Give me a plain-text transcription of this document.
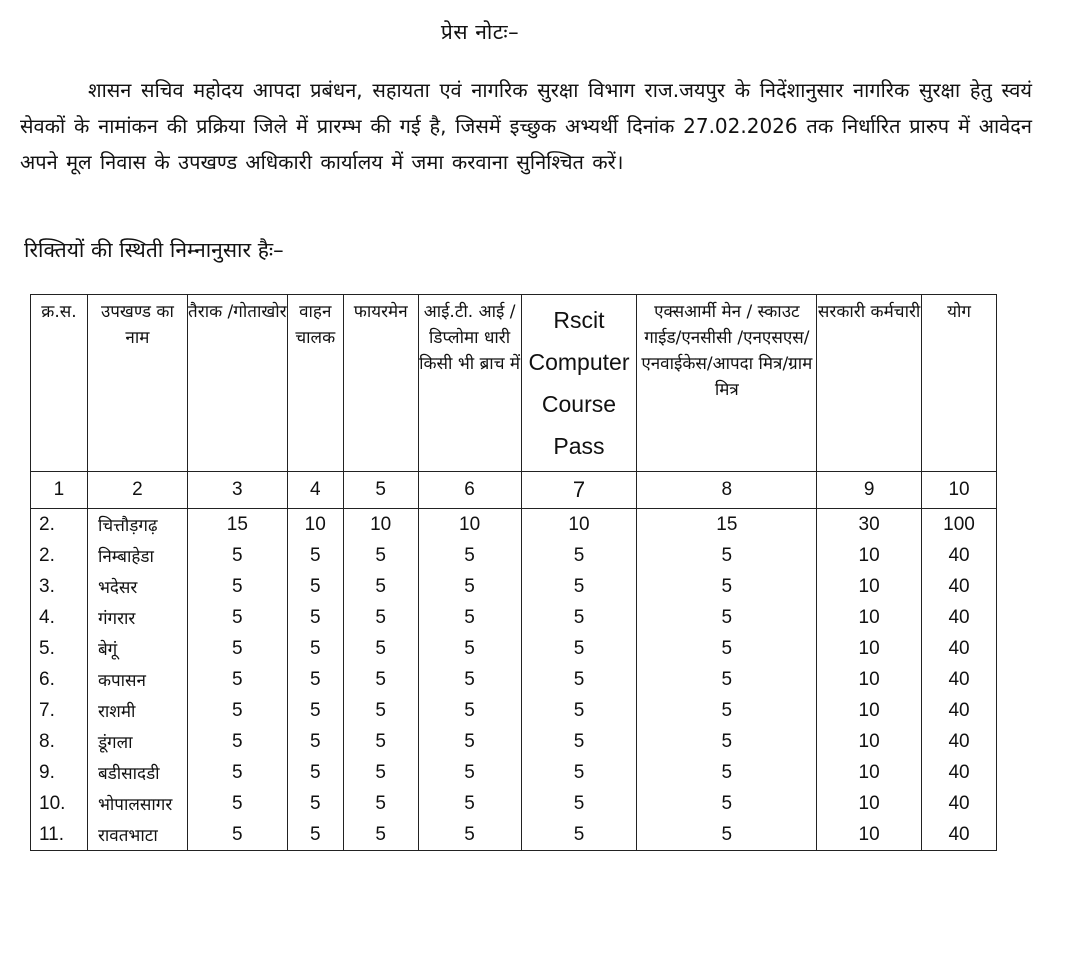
प्रेस नोटः–
शासन सचिव महोदय आपदा प्रबंधन, सहायता एवं नागरिक सुरक्षा विभाग राज.जयपुर के निदेंशानुसार नागरिक सुरक्षा हेतु स्वयं सेवकों के नामांकन की प्रक्रिया जिले में प्रारम्भ की गई है, जिसमें इच्छुक अभ्यर्थी दिनांक 27.02.2026 तक निर्धारित प्रारुप में आवेदन अपने मूल निवास के उपखण्ड अधिकारी कार्यालय में जमा करवाना सुनिश्चित करें।
रिक्तियों की स्थिती निम्नानुसार हैः–
क्र.स.	उपखण्ड का नाम	तैराक /गोताखोर	वाहन चालक	फायरमेन	आई.टी. आई / डिप्लोमा धारी किसी भी ब्राच में	Rscit Computer Course Pass	एक्सआर्मी मेन / स्काउट गाईड/एनसीसी /एनएसएस/ एनवाईकेस/आपदा मित्र/ग्राम मित्र	सरकारी कर्मचारी	योग
1	2	3	4	5	6	7	8	9	10
2.	चित्तौड़गढ़	15	10	10	10	10	15	30	100
2.	निम्बाहेडा	5	5	5	5	5	5	10	40
3.	भदेसर	5	5	5	5	5	5	10	40
4.	गंगरार	5	5	5	5	5	5	10	40
5.	बेगूं	5	5	5	5	5	5	10	40
6.	कपासन	5	5	5	5	5	5	10	40
7.	राशमी	5	5	5	5	5	5	10	40
8.	डूंगला	5	5	5	5	5	5	10	40
9.	बडीसादडी	5	5	5	5	5	5	10	40
10.	भोपालसागर	5	5	5	5	5	5	10	40
11.	रावतभाटा	5	5	5	5	5	5	10	40
